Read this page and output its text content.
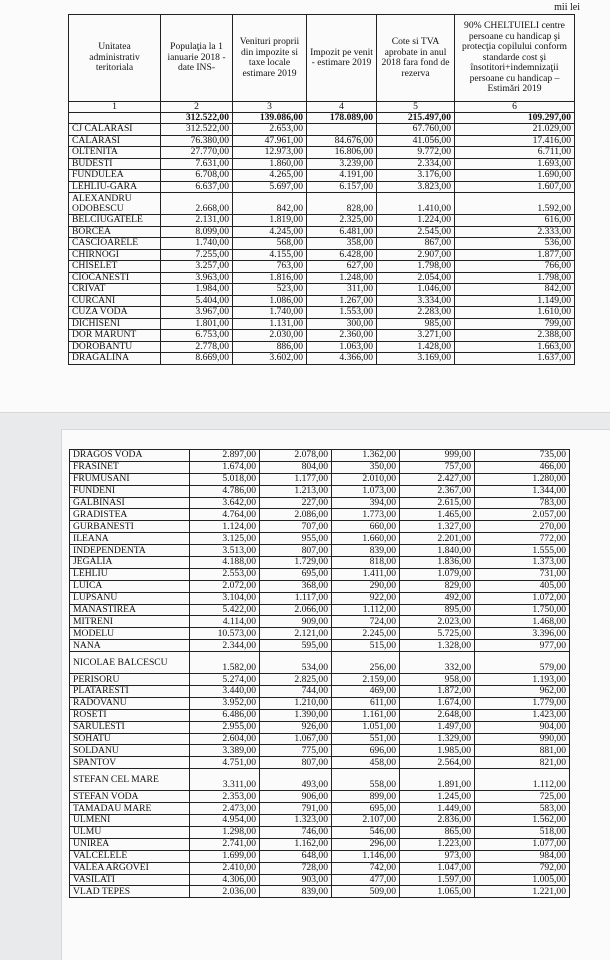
mii lei
Unitatea administrativ teritoriala	Populaţia la 1 ianuarie 2018 -date INS-	Venituri proprii din impozite si taxe locale estimare 2019	Impozit pe venit - estimare 2019	Cote si TVA aprobate in anul 2018 fara fond de rezerva	90% CHELTUIELI centre persoane cu handicap şi protecţia copilului conform standarde cost şi însotitori+indemnizaţii persoane cu handicap – Estimări 2019
1	2	3	4	5	6
	312.522,00	139.086,00	178.089,00	215.497,00	109.297,00
CJ CALARASI	312.522,00	2.653,00		67.760,00	21.029,00
CALARASI	76.380,00	47.961,00	84.676,00	41.056,00	17.416,00
OLTENITA	27.770,00	12.973,00	16.806,00	9.772,00	6.711,00
BUDESTI	7.631,00	1.860,00	3.239,00	2.334,00	1.693,00
FUNDULEA	6.708,00	4.265,00	4.191,00	3.176,00	1.690,00
LEHLIU-GARA	6.637,00	5.697,00	6.157,00	3.823,00	1.607,00
ALEXANDRU ODOBESCU	2.668,00	842,00	828,00	1.410,00	1.592,00
BELCIUGATELE	2.131,00	1.819,00	2.325,00	1.224,00	616,00
BORCEA	8.099,00	4.245,00	6.481,00	2.545,00	2.333,00
CASCIOARELE	1.740,00	568,00	358,00	867,00	536,00
CHIRNOGI	7.255,00	4.155,00	6.428,00	2.907,00	1.877,00
CHISELET	3.257,00	763,00	627,00	1.798,00	766,00
CIOCANESTI	3.963,00	1.816,00	1.248,00	2.054,00	1.798,00
CRIVAT	1.984,00	523,00	311,00	1.046,00	842,00
CURCANI	5.404,00	1.086,00	1.267,00	3.334,00	1.149,00
CUZA VODA	3.967,00	1.740,00	1.553,00	2.283,00	1.610,00
DICHISENI	1.801,00	1.131,00	300,00	985,00	799,00
DOR MARUNT	6.753,00	2.030,00	2.360,00	3.271,00	2.388,00
DOROBANTU	2.778,00	886,00	1.063,00	1.428,00	1.663,00
DRAGALINA	8.669,00	3.602,00	4.366,00	3.169,00	1.637,00
DRAGOS VODA	2.897,00	2.078,00	1.362,00	999,00	735,00
FRASINET	1.674,00	804,00	350,00	757,00	466,00
FRUMUSANI	5.018,00	1.177,00	2.010,00	2.427,00	1.280,00
FUNDENI	4.786,00	1.213,00	1.073,00	2.367,00	1.344,00
GALBINASI	3.642,00	227,00	394,00	2.615,00	783,00
GRADISTEA	4.764,00	2.086,00	1.773,00	1.465,00	2.057,00
GURBANESTI	1.124,00	707,00	660,00	1.327,00	270,00
ILEANA	3.125,00	955,00	1.660,00	2.201,00	772,00
INDEPENDENTA	3.513,00	807,00	839,00	1.840,00	1.555,00
JEGALIA	4.188,00	1.729,00	818,00	1.836,00	1.373,00
LEHLIU	2.553,00	695,00	1.411,00	1.079,00	731,00
LUICA	2.072,00	368,00	290,00	829,00	405,00
LUPSANU	3.104,00	1.117,00	922,00	492,00	1.072,00
MANASTIREA	5.422,00	2.066,00	1.112,00	895,00	1.750,00
MITRENI	4.114,00	909,00	724,00	2.023,00	1.468,00
MODELU	10.573,00	2.121,00	2.245,00	5.725,00	3.396,00
NANA	2.344,00	595,00	515,00	1.328,00	977,00
NICOLAE BALCESCU	1.582,00	534,00	256,00	332,00	579,00
PERISORU	5.274,00	2.825,00	2.159,00	958,00	1.193,00
PLATARESTI	3.440,00	744,00	469,00	1.872,00	962,00
RADOVANU	3.952,00	1.210,00	611,00	1.674,00	1.779,00
ROSETI	6.486,00	1.390,00	1.161,00	2.648,00	1.423,00
SARULESTI	2.955,00	926,00	1.051,00	1.497,00	904,00
SOHATU	2.604,00	1.067,00	551,00	1.329,00	990,00
SOLDANU	3.389,00	775,00	696,00	1.985,00	881,00
SPANTOV	4.751,00	807,00	458,00	2.564,00	821,00
STEFAN CEL MARE	3.311,00	493,00	558,00	1.891,00	1.112,00
STEFAN VODA	2.353,00	906,00	899,00	1.245,00	725,00
TAMADAU MARE	2.473,00	791,00	695,00	1.449,00	583,00
ULMENI	4.954,00	1.323,00	2.107,00	2.836,00	1.562,00
ULMU	1.298,00	746,00	546,00	865,00	518,00
UNIREA	2.741,00	1.162,00	296,00	1.223,00	1.077,00
VALCELELE	1.699,00	648,00	1.146,00	973,00	984,00
VALEA ARGOVEI	2.410,00	728,00	742,00	1.047,00	792,00
VASILATI	4.306,00	903,00	477,00	1.597,00	1.005,00
VLAD TEPES	2.036,00	839,00	509,00	1.065,00	1.221,00
